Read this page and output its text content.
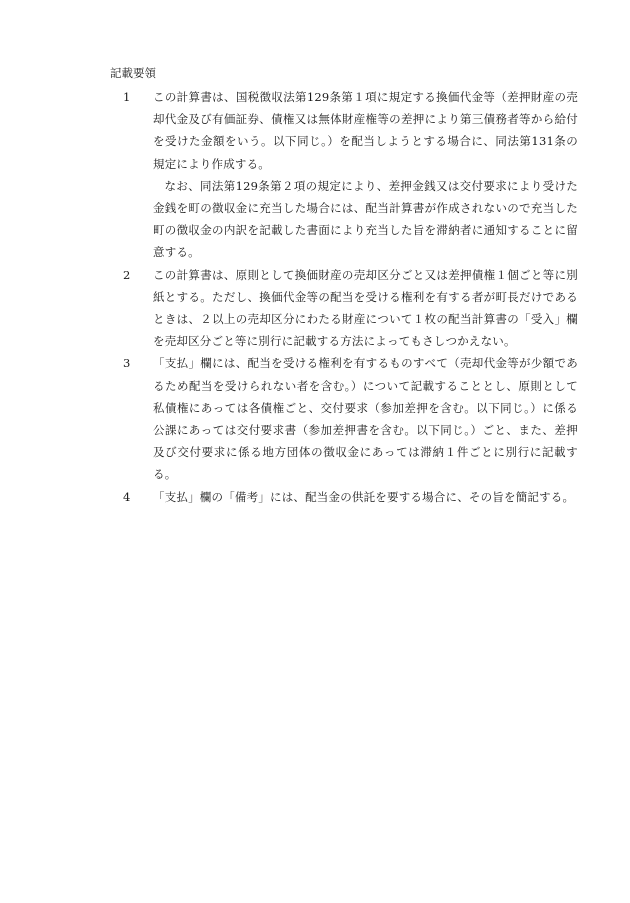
記載要領
1	この計算書は、国税徴収法第129条第１項に規定する換価代金等（差押財産の売却代金及び有価証券、債権又は無体財産権等の差押により第三債務者等から給付を受けた金額をいう。以下同じ。）を配当しようとする場合に、同法第131条の規定により作成する。

なお、同法第129条第２項の規定により、差押金銭又は交付要求により受けた金銭を町の徴収金に充当した場合には、配当計算書が作成されないので充当した町の徴収金の内訳を記載した書面により充当した旨を滞納者に通知することに留意する。

2	この計算書は、原則として換価財産の売却区分ごと又は差押債権１個ごと等に別紙とする。ただし、換価代金等の配当を受ける権利を有する者が町長だけであるときは、２以上の売却区分にわたる財産について１枚の配当計算書の「受入」欄を売却区分ごと等に別行に記載する方法によってもさしつかえない。

3	「支払」欄には、配当を受ける権利を有するものすべて（売却代金等が少額であるため配当を受けられない者を含む。）について記載することとし、原則として私債権にあっては各債権ごと、交付要求（参加差押を含む。以下同じ。）に係る公課にあっては交付要求書（参加差押書を含む。以下同じ。）ごと、また、差押及び交付要求に係る地方団体の徴収金にあっては滞納１件ごとに別行に記載する。

4	「支払」欄の「備考」には、配当金の供託を要する場合に、その旨を簡記する。
